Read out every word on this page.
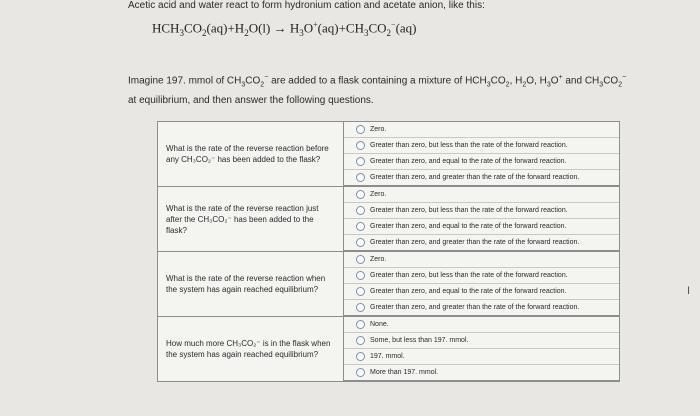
Acetic acid and water react to form hydronium cation and acetate anion, like this:
$HCH_3CO_2(aq)+H_2O(l) \to H_3O^+(aq)+CH_3CO_2^-(aq)$
Imagine 197. mmol of $CH_3CO_2^-$ are added to a flask containing a mixture of $HCH_3CO_2$, $H_2O$, $H_3O^+$ and $CH_3CO_2^-$
at equilibrium, and then answer the following questions.
What is the rate of the reverse reaction before any CH₃CO₂⁻ has been added to the flask?	Zero.
Greater than zero, but less than the rate of the forward reaction.
Greater than zero, and equal to the rate of the forward reaction.
Greater than zero, and greater than the rate of the forward reaction.

What is the rate of the reverse reaction just after the CH₃CO₂⁻ has been added to the flask?	Zero.
Greater than zero, but less than the rate of the forward reaction.
Greater than zero, and equal to the rate of the forward reaction.
Greater than zero, and greater than the rate of the forward reaction.

What is the rate of the reverse reaction when the system has again reached equilibrium?	Zero.
Greater than zero, but less than the rate of the forward reaction.
Greater than zero, and equal to the rate of the forward reaction.
Greater than zero, and greater than the rate of the forward reaction.

How much more CH₃CO₂⁻ is in the flask when the system has again reached equilibrium?	None.
Some, but less than 197. mmol.
197. mmol.
More than 197. mmol.
I
